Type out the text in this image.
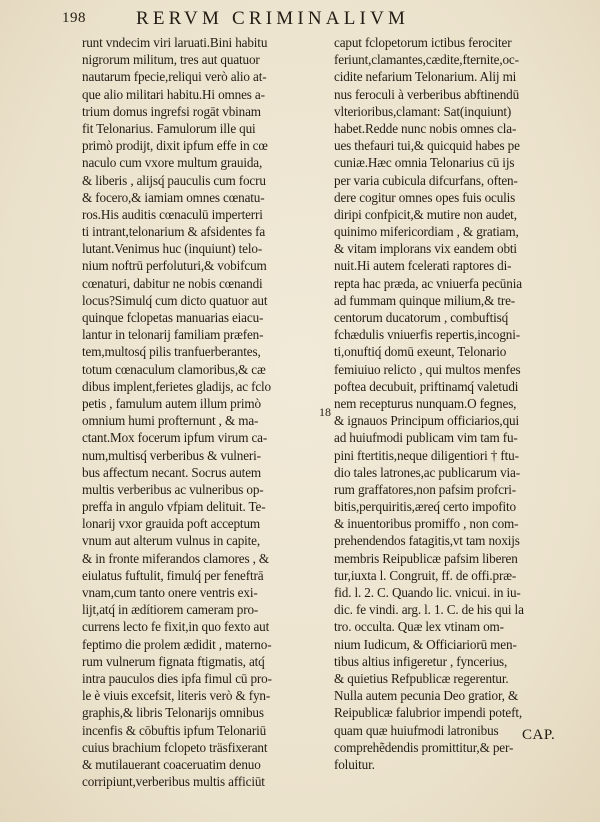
198	RERVM CRIMINALIVM
runt vndecim viri laruati.Bini habitu
nigrorum militum, tres aut quatuor
nautarum fpecie,reliqui verò alio at-
que alio militari habitu.Hi omnes a-
trium domus ingrefsi rogāt vbinam
fit Telonarius. Famulorum ille qui
primò prodijt, dixit ipfum effe in cœ
naculo cum vxore multum grauida,
& liberis , alijsq́ pauculis cum focru
& focero,& iamiam omnes cœnatu-
ros.His auditis cœnaculū imperterri
ti intrant,telonarium & afsidentes fa
lutant.Venimus huc (inquiunt) telo-
nium noftrū perfoluturi,& vobifcum
cœnaturi, dabitur ne nobis cœnandi
locus?Simulq́ cum dicto quatuor aut
quinque fclopetas manuarias eiacu-
lantur in telonarij familiam præfen-
tem,multosq́ pilis tranfuerberantes,
totum cœnaculum clamoribus,& cæ
dibus implent,ferietes gladijs, ac fclo
petis , famulum autem illum primò
omnium humi profternunt , & ma-
ctant.Mox focerum ipfum virum ca-
num,multisq́ verberibus & vulneri-
bus affectum necant. Socrus autem
multis verberibus ac vulneribus op-
preffa in angulo vfpiam delituit. Te-
lonarij vxor grauida poft acceptum
vnum aut alterum vulnus in capite,
& in fronte miferandos clamores , &
eiulatus fuftulit, fimulq́ per feneftrā
vnam,cum tanto onere ventris exi-
lijt,atq́ in ædítiorem cameram pro-
currens lecto fe fixit,in quo fexto aut
feptimo die prolem ædidit , materno-
rum vulnerum fignata ftigmatis, atq́
intra pauculos dies ipfa fimul cū pro-
le è viuis excefsit, literis verò & fyn-
graphis,& libris Telonarijs omnibus
incenfis & cōbuftis ipfum Telonariū
cuius brachium fclopeto träsfixerant
& mutilauerant coaceruatim denuo
corripiunt,verberibus multis afficiūt
18
caput fclopetorum ictibus ferociter
feriunt,clamantes,cædite,fternite,oc-
cidite nefarium Telonarium. Alij mi
nus feroculi à verberibus abftinendū
vlterioribus,clamant: Sat(inquiunt)
habet.Redde nunc nobis omnes cla-
ues thefauri tui,& quicquid habes pe
cuniæ.Hæc omnia Telonarius cū ijs
per varia cubicula difcurfans, often-
dere cogitur omnes opes fuis oculis
diripi confpicit,& mutire non audet,
quinimo mifericordiam , & gratiam,
& vitam implorans vix eandem obti
nuit.Hi autem fcelerati raptores di-
repta hac præda, ac vniuerfa pecūnia
ad fummam quinque milium,& tre-
centorum ducatorum , combuftisq́
fchædulis vniuerfis repertis,incogni-
ti,onuftiq́ domū exeunt, Telonario
femiuiuo relicto , qui multos menfes
poftea decubuit, priftinamq́ valetudi
nem recepturus nunquam.O fegnes,
& ignauos Principum officiarios,qui
ad huiufmodi publicam vim tam fu-
pini ftertitis,neque diligentiori † ftu-
dio tales latrones,ac publicarum via-
rum graffatores,non pafsim profcri-
bitis,perquiritis,æreq́ certo impofito
& inuentoribus promiffo , non com-
prehendendos fatagitis,vt tam noxijs
membris Reipublicæ pafsim liberen
tur,iuxta l. Congruit, ff. de offi.præ-
fid. l. 2. C. Quando lic. vnicui. in iu-
dic. fe vindi. arg. l. 1. C. de his qui la
tro. occulta. Quæ lex vtinam om-
nium Iudicum, & Officiariorū men-
tibus altius infigeretur , fyncerius,
& quietius Refpublicæ regerentur.
Nulla autem pecunia Deo gratior, &
Reipublicæ falubrior impendi poteft,
quam quæ huiufmodi latronibus
comprehẽdendis promittitur,& per-
foluitur.
CAP.
